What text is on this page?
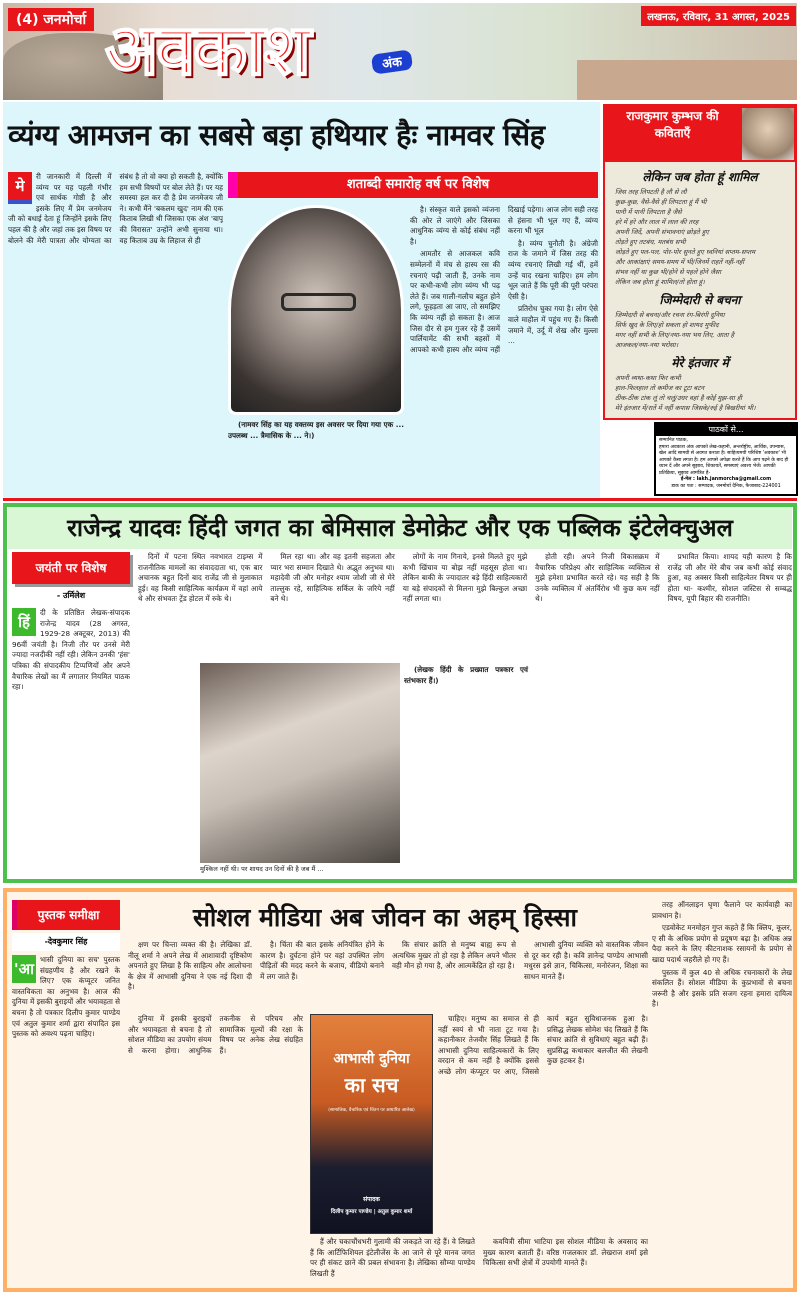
(4) जनमोर्चा अवकाश	अंक
लखनऊ, रविवार, 31 अगस्त, 2025
व्यंग्य आमजन का सबसे बड़ा हथियार हैः नामवर सिंह
मे

री जानकारी में दिल्ली में व्यंग्य पर यह पहली गंभीर एवं सार्थक गोष्ठी है और इसके लिए मैं प्रेम जनमेजय जी को बधाई देता हूं जिन्होंने इसके लिए पहल की है और जहां तक इस विषय पर बोलने की मेरी पात्रता और योग्यता का संबंध है तो वो क्या हो सकती है, क्योंकि हम सभी विषयों पर बोल लेते हैं। पर यह समस्या हल कर दी है प्रेम जनमेजय जी ने। कभी मैंने 'बकलम खुद' नाम की एक किताब लिखी थी जिसका एक अंश 'बापू की विरासत' उन्होंने अभी सुनाया था। वह किताब उम्र के लिहाज से ही

शताब्दी समारोह वर्ष पर विशेष

है। संस्कृत वाले इसको व्यंजना की ओर ले जाएंगे और जिसका आधुनिक व्यंग्य से कोई संबंध नहीं है।

आमतौर से आजकल कवि सम्मेलनों में मंच से हास्य रस की रचनाएं पढ़ी जाती हैं, उनके नाम पर कभी-कभी लोग व्यंग्य भी पढ़ लेते हैं। जब गाली-गलौच बहुत होने लगे, फूहड़ता आ जाए, तो समझिए कि व्यंग्य नहीं हो सकता है। आज जिस दौर से हम गुजर रहे हैं उसमें पार्लियामेंट की सभी बहसों में आपको कभी हास्य और व्यंग्य नहीं दिखाई पड़ेगा। आज लोग सही तरह से हंसना भी भूल गए हैं, व्यंग्य करना भी भूल

है। व्यंग्य चुनौती है। अंग्रेजी राज के जमाने में जिस तरह की व्यंग्य रचनाएं लिखी गई थीं, हमें उन्हें याद रखना चाहिए। हम लोग भूल जाते हैं कि पूरी की पूरी परंपरा ऐसी है।

प्रतिरोध चुका गया है। लोग ऐसे वाले माहौल में पहुंच गए हैं। किसी जमाने में, उर्दू में शेख और मुल्ला ...

(नामवर सिंह का यह वक्तव्य इस अवसर पर दिया गया एक ... उपलब्ध ... त्रैमासिक के ... ने।)

राजकुमार कुम्भज की कविताएँ
लेकिन जब होता हूं शामिल
जिस तरह लिपटती है लौ से लौ
कुछ-कुछ, वैसे-वैसे ही लिपटता हूं मैं भी
पानी में पानी लिपटता है जैसे
हरे में हरे और लाल में लाल की तरह
अपनी जिदें, अपनी संभावनाएं छोड़ते हुए
तोड़ते हुए तटबंध, मतबंध सभी
जोड़ते हुए पल-पल, पोर-पोर सुनते हुए ध्वनियां सप्तम-सप्तम
और आकांक्षाएं समय-समय में भी/जिनमें राहतें नहीं-नहीं
संभव नहीं था कुछ भी/होने से पहले होने जैसा
लेकिन जब होता हूं शामिल/तो होता हूं।
जिम्मेदारी से बचना
जिम्मेदारी से बचना/और रचना रंग-बिरंगी दुनिया
सिर्फ खुद के लिए/हो सकता हो शायद मुफीद
मगर नहीं सभी के लिए/नया-नया भय लिए, आता है
आजकल/नया-नया भरोसा।
मेरे इंतजार में
अपनी व्यथा-कथा फिर कभी
हाल-फिलहाल तो कमीज का टूटा बटन
ठीक-ठीक टांक लूं तो चलूं/उधर वहां है कोई मुझ-सा ही
मेरे इंतजार में/रातें में नहीं कपास जिसके/रुई है बिखरीयां भी।
पाठकों से...
सम्मानित पाठक,
हमारा अवकाश अंक आपको लेख-कहानी, अन्तर्राष्ट्रीय, आर्थिक, उपन्यास, खेल आदि सामग्री से अवगत कराता है। साहित्यमयी परिशिष्ट 'अवकाश' भी आपको कैसा लगता है। हम आपसे अपेक्षा करते हैं कि आप पढ़ने के बाद ही ध्यान दें और अपने सुझाव, शिकायतें, समस्याएं अवश्य भेजें। आपकी प्रतिक्रिया, सुझाव आमंत्रित है-
ई-मेल : lakh.janmorcha@gmail.com
डाक का पता : सम्पादक, जनमोर्चा दैनिक, फैजाबाद-224001
राजेन्द्र यादवः हिंदी जगत का बेमिसाल डेमोक्रेट और एक पब्लिक इंटेलेक्चुअल
जयंती पर विशेष
- उर्मिलेश
हिं

दी के प्रतिष्ठित लेखक-संपादक राजेन्द्र यादव (28 अगस्त, 1929-28 अक्टूबर, 2013) की 96वीं जयंती है। निजी तौर पर उनसे मेरी ज्यादा नजदीकी नहीं रही। लेकिन उनकी 'हंस' पत्रिका की संपादकीय टिप्पणियों और अपने वैचारिक लेखों का मैं लगातार नियमित पाठक रहा।

दिनों में पटना स्थित नवभारत टाइम्स में राजनीतिक मामलों का संवाददाता था, एक बार अचानक बहुत दिनों बाद राजेंद्र जी से मुलाकात हुई। वह किसी साहित्यिक कार्यक्रम में वहां आये थे और संभवतः ट्रेंड होटल में रुके थे।

मिल रहा था। और वह इतनी सहजता और प्यार भरा सम्मान दिखाते थे। अद्भुत अनुभव था। महादेवी जी और मनोहर श्याम जोशी जी से मेरे ताल्लुक रहे, साहित्यिक सर्किल के जरिये नहीं बने थे।

लोगों के नाम गिनाये, इनसे मिलते हुए मुझे कभी खिंचाव या बोझ नहीं महसूस होता था। लेकिन बाकी के ज्यादातर बड़े हिंदी साहित्यकारों या बड़े संपादकों से मिलना मुझे बिल्कुल अच्छा नहीं लगता था।

होती रही। अपने निजी विकासक्रम में वैचारिक परिप्रेक्ष्य और साहित्यिक व्यक्तित्व से मुझे हमेशा प्रभावित करते रहे। यह सही है कि उनके व्यक्तित्व में अंतर्विरोध भी कुछ कम नहीं थे।

प्रभावित किया। शायद यही कारण है कि राजेंद्र जी और मेरे बीच जब कभी कोई संवाद हुआ, वह अक्सर किसी साहित्येतर विषय पर ही होता था- कश्मीर, सोशल जस्टिस से सम्बद्ध विषय, यूपी बिहार की राजनीति।

मुश्किल नहीं थी। पर शायद उन दिनों की है जब मैं ...

(लेखक हिंदी के प्रख्यात पत्रकार एवं स्तंभकार हैं।)

पुस्तक समीक्षा
-देवकुमार सिंह
'आ

भासी दुनिया का सच' पुस्तक संग्रहणीय है और रखने के लिए? एक कंप्यूटर जनित वास्तविकता का अनुभव है। आज की दुनिया में इसकी बुराइयों और भयावहता से बचना है तो पत्रकार दिलीप कुमार पाण्डेय एवं अतुल कुमार शर्मा द्वारा संपादित इस पुस्तक को अवश्य पढ़ना चाहिए।

सोशल मीडिया अब जीवन का अहम् हिस्सा

क्षण पर चिन्ता व्यक्त की है। लेखिका डॉ. नीलू शर्मा ने अपने लेख में आशावादी दृष्टिकोण अपनाते हुए लिखा है कि साहित्य और आलोचना के क्षेत्र में आभासी दुनिया ने एक नई दिशा दी है।

है। चिंता की बात इसके अनियंत्रित होने के कारण है। दुर्घटना होने पर वहां उपस्थित लोग पीड़ितों की मदद करने के बजाय, वीडियो बनाने में लग जाते हैं।

कि संचार क्रांति से मनुष्य बाह्य रूप से अत्यधिक मुखर तो हो रहा है लेकिन अपने भीतर वही मौन हो गया है, और आत्मकेंद्रित हो रहा है।

आभासी दुनिया व्यक्ति को वास्तविक जीवन से दूर कर रही है। कवि ज्ञानेन्द्र पाण्डेय आभासी मधुरस इसे ज्ञान, चिकित्सा, मनोरंजन, शिक्षा का साधन मानते हैं।

दुनिया में इसकी बुराइयों और भयावहता से बचना है तो सोशल मीडिया का उपयोग संयम से करना होगा। आधुनिक तकनीक से परिचय और सामाजिक मूल्यों की रक्षा के विषय पर अनेक लेख संग्रहित हैं।

आभासी दुनिया
का सच
(सामाजिक, वैचारिक एवं चिंतन पर आधारित आलेख)
संपादक
दिलीप कुमार पाण्डेय | अतुल कुमार शर्मा

चाहिए। मनुष्य का समाज से ही नहीं स्वयं से भी नाता टूट गया है। कहानीकार तेजवीर सिंह लिखते हैं कि आभासी दुनिया साहित्यकारों के लिए वरदान से कम नहीं है क्योंकि इससे अच्छे लोग कंप्यूटर पर आए, जिससे कार्य बहुत सुविधाजनक हुआ है। प्रसिद्ध लेखक सोमेश चंद लिखते हैं कि संचार क्रांति से सुविधाएं बहुत बढ़ी हैं। सुप्रसिद्ध कथाकार बलजीत की लेखनी कुछ हटकर है।

हैं और चकाचौंधभरी गुलामी की जकड़ते जा रहे हैं। वे लिखते हैं कि आर्टिफिशियल इंटेलीजेंस के आ जाने से पूरे मानव जगत पर ही संकट छाने की प्रबल संभावना है। लेखिका सौम्या पाण्डेय लिखती हैं

कवयित्री सीमा भाटिया इस सोशल मीडिया के अवसाद का मुख्य कारण बताती हैं। वरिष्ठ गजलकार डॉ. लेखराज शर्मा इसे चिकित्सा सभी क्षेत्रों में उपयोगी मानते हैं।

तरह ऑनलाइन घृणा फैलाने पर कार्यवाही का प्रावधान है।

एडवोकेट मनमोहन गुप्त कहते हैं कि क्लिप, कूलर, ए सी के अधिक प्रयोग से प्रदूषण बढ़ा है। अधिक अन्न पैदा करने के लिए कीटनाशक रसायनों के प्रयोग से खाद्य पदार्थ जहरीले हो गए हैं।

पुस्तक में कुल 40 से अधिक रचनाकारों के लेख संकलित हैं। सोशल मीडिया के कुप्रभावों से बचना जरूरी है और इसके प्रति सजग रहना हमारा दायित्व है।
